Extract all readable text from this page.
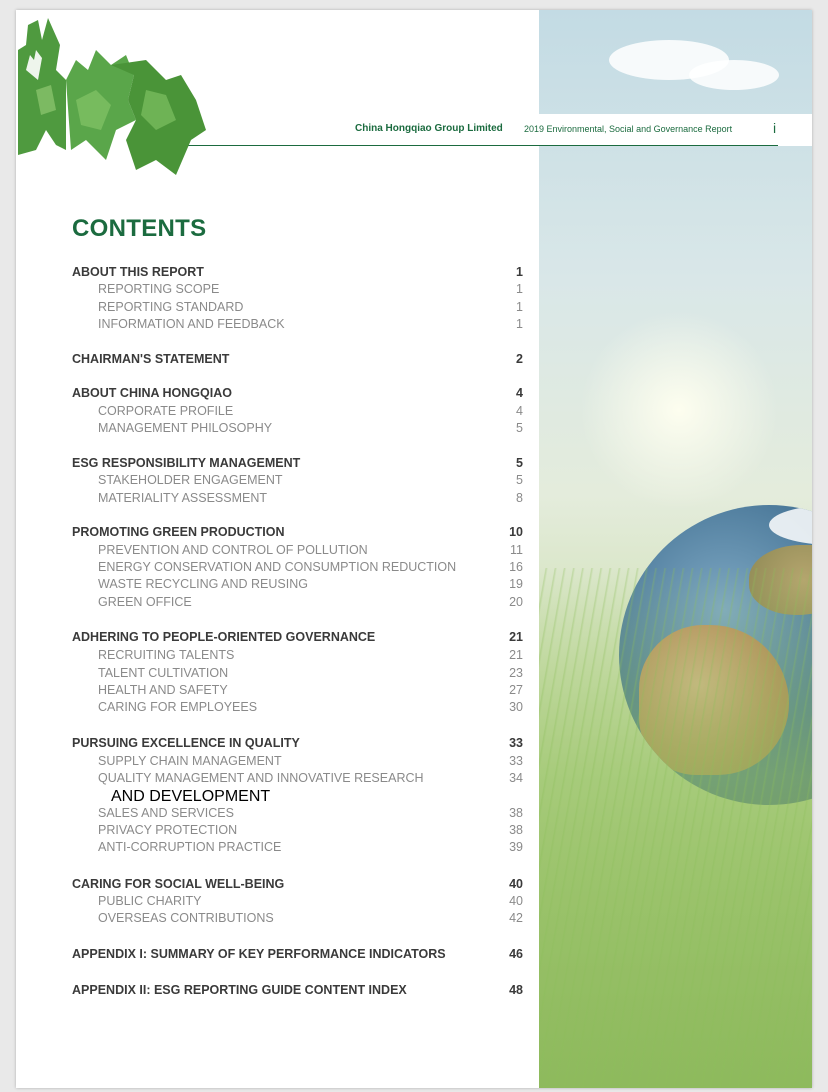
China Hongqiao Group Limited 2019 Environmental, Social and Governance Report	i
CONTENTS
ABOUT THIS REPORT	1
REPORTING SCOPE	1
REPORTING STANDARD	1
INFORMATION AND FEEDBACK	1
CHAIRMAN'S STATEMENT	2
ABOUT CHINA HONGQIAO	4
CORPORATE PROFILE	4
MANAGEMENT PHILOSOPHY	5
ESG RESPONSIBILITY MANAGEMENT	5
STAKEHOLDER ENGAGEMENT	5
MATERIALITY ASSESSMENT	8
PROMOTING GREEN PRODUCTION	10
PREVENTION AND CONTROL OF POLLUTION	11
ENERGY CONSERVATION AND CONSUMPTION REDUCTION	16
WASTE RECYCLING AND REUSING	19
GREEN OFFICE	20
ADHERING TO PEOPLE-ORIENTED GOVERNANCE	21
RECRUITING TALENTS	21
TALENT CULTIVATION	23
HEALTH AND SAFETY	27
CARING FOR EMPLOYEES	30
PURSUING EXCELLENCE IN QUALITY	33
SUPPLY CHAIN MANAGEMENT	33
QUALITY MANAGEMENT AND INNOVATIVE RESEARCH	34
AND DEVELOPMENT
SALES AND SERVICES	38
PRIVACY PROTECTION	38
ANTI-CORRUPTION PRACTICE	39
CARING FOR SOCIAL WELL-BEING	40
PUBLIC CHARITY	40
OVERSEAS CONTRIBUTIONS	42
APPENDIX I: SUMMARY OF KEY PERFORMANCE INDICATORS	46
APPENDIX II: ESG REPORTING GUIDE CONTENT INDEX	48
